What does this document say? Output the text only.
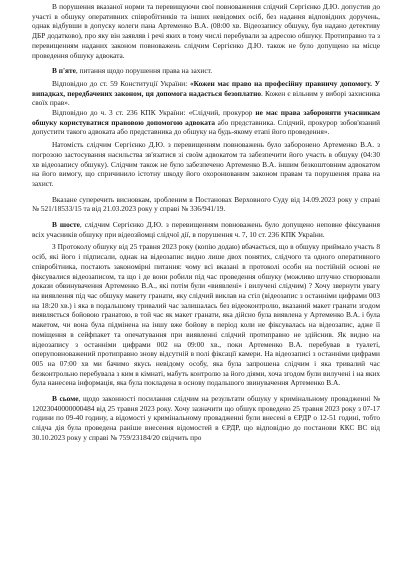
В порушення вказаної норми та перевищуючи свої повноваження слідчий Сергієнко Д.Ю. допустив до участі в обшуку оперативних співробітників та інших невідомих осіб, без надання відповідних доручень, однак відбувши в допуску колеги пана Артеменко В.А. (08:00 хв. Відеозапису обшуку, був надано детективу ДБР додатково), про яку він заявляв і речі яких в тому числі перебували за адресою обшуку. Протиправно та з перевищенням наданих законом повноважень слідчим Сергієнко Д.Ю. також не було допущено на місце проведення обшуку адвоката.

В п'яте, питання щодо порушення права на захист.

Відповідно до ст. 59 Конституції України: «Кожен має право на професійну правничу допомогу. У випадках, передбачених законом, ця допомога надається безоплатно. Кожен є вільним у виборі захисника своїх прав».

Відповідно до ч. 3 ст. 236 КПК України: «Слідчий, прокурор не має права забороняти учасникам обшуку користуватися правовою допомогою адвоката або представника. Слідчий, прокурор зобов'язаний допустити такого адвоката або представника до обшуку на будь-якому етапі його проведення».

Натомість слідчим Сергієнко Д.Ю. з перевищенням повноважень було заборонено Артеменко В.А. з погрозою застосування насильства зв'язатися зі своїм адвокатом та забезпечити його участь в обшуку (04:30 хв відеозапису обшуку). Слідчим також не було забезпечено Артеменко В.А. іншим безкоштовним адвокатом на його вимогу, що спричинило істотну шкоду його охоронюваним законом правам та порушення права на захист.

Вказане суперечить висновкам, зробленим в Постановах Верховного Суду від 14.09.2023 року у справі № 521/18533/15 та від 21.03.2023 року у справі № 336/941/19.

В шосте, слідчим Сергієнко Д.Ю. з перевищенням повноважень було допущено неповне фіксування всіх учасників обшуку при відеозйомці слідчої дії, в порушення ч. 7, 10 ст. 236 КПК України.

З Протоколу обшуку від 25 травня 2023 року (копію додаю) вбачається, що в обшуку приймало участь 8 осіб, які його і підписали, однак на відеозапис видно лише двох понятих, слідчого та одного оперативного співробітника, постають закономірні питання: чому всі вказані в протоколі особи на постійній основі не фіксувалися відеозаписом, та що і де вони робили під час проведення обшуку (можливо штучно створювали докази обвинувачення Артеменко В.А., які потім були «виявлені» і вилучені слідчим) ? Хочу звернути увагу на виявлення під час обшуку макету гранати, яку слідчий виклав на стіл (відеозапис з останніми цифрами 003 на 18:20 хв.) і яка в подальшому тривалий час залишалась без відеоконтролю, вказаний макет гранати згодом виявляється бойовою гранатою, в той час як макет гранати, яка дійсно була виявлена у Артеменко В.А. і була макетом, чи вона була підмінена на іншу вже бойову в період коли не фіксувалась на відеозапис, адже її поміщення в сейфпакет та опечатування при виявленні слідчий протиправно не здійснив. Як видно на відеозапису з останніми цифрами 002 на 09:00 хв., поки Артеменко В.А. перебував в туалеті, оперуповноважений протиправно знову відсутній в полі фіксації камери. На відеозаписі з останніми цифрами 005 на 07:00 хв ми бачимо якусь невідому особу, яка була запрошена слідчим і яка тривалий час безконтрольно перебувала з ким в кімнаті, мабуть контролю за його діями, хоча згодом були вилучені і на яких була нанесена інформація, яка була покладена в основу подальшого звинувачення Артеменко В.А.

В сьоме, щодо законності посилання слідчим на результати обшуку у кримінальному провадженні № 12023040000000484 від 25 травня 2023 року. Хочу зазначити що обшук проведено 25 травня 2023 року з 07-17 години по 09-40 годину, а відомості у кримінальному провадженні були внесені в ЄРДР о 12-51 годині, тобто слідча дія була проведена раніше внесення відомостей в ЄРДР, що відповідно до постанови ККС ВС від 30.10.2023 року у справі № 759/23184/20 свідчить про
